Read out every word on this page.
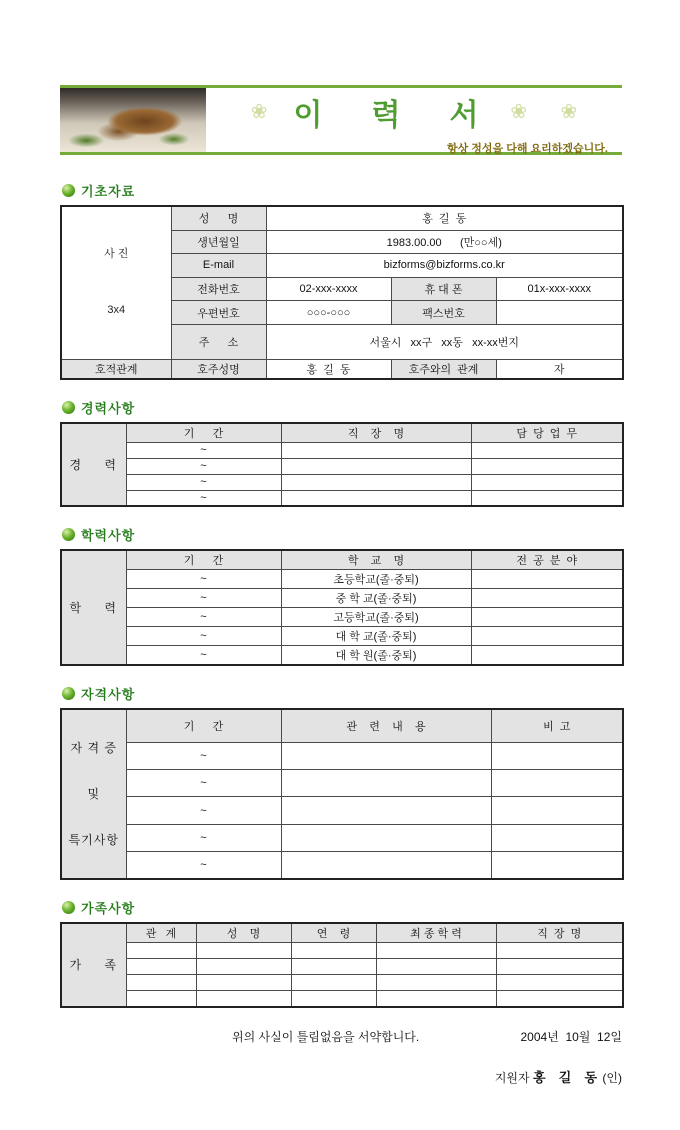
❀ 이   력   서 ❀      ❀
항상 정성을 다해 요리하겠습니다.
기초자료

사 진

3x4	성      명	홍  길  동		
	생년월일	1983.00.00      (만○○세)		
	E-mail	bizforms@bizforms.co.kr		
	전화번호	02-xxx-xxxx	휴 대 폰	01x-xxx-xxxx
	우편번호	○○○-○○○	팩스번호	
	주      소	서울시   xx구   xx동   xx-xx번지		
호적관계	호주성명	홍  길  동	호주와의  관계	자
경력사항
경    력	기      간	직    장    명	담  당  업  무
	~		
	~		
	~		
	~		
학력사항
학    력	기      간	학    교    명	전  공  분  야
	~	초등학교(졸·중퇴)	
	~	중 학 교(졸·중퇴)	
	~	고등학교(졸·중퇴)	
	~	대 학 교(졸·중퇴)	
	~	대 학 원(졸·중퇴)	
자격사항

자 격 증

및

특기사항	기      간	관    련    내    용	비  고
	~		
	~		
	~		
	~		
	~		
가족사항
가    족	관   계	성    명	연    령	최 종 학 력	직  장  명

위의 사실이 틀림없음을 서약합니다.	2004년  10월  12일

지원자 홍  길  동 (인)
